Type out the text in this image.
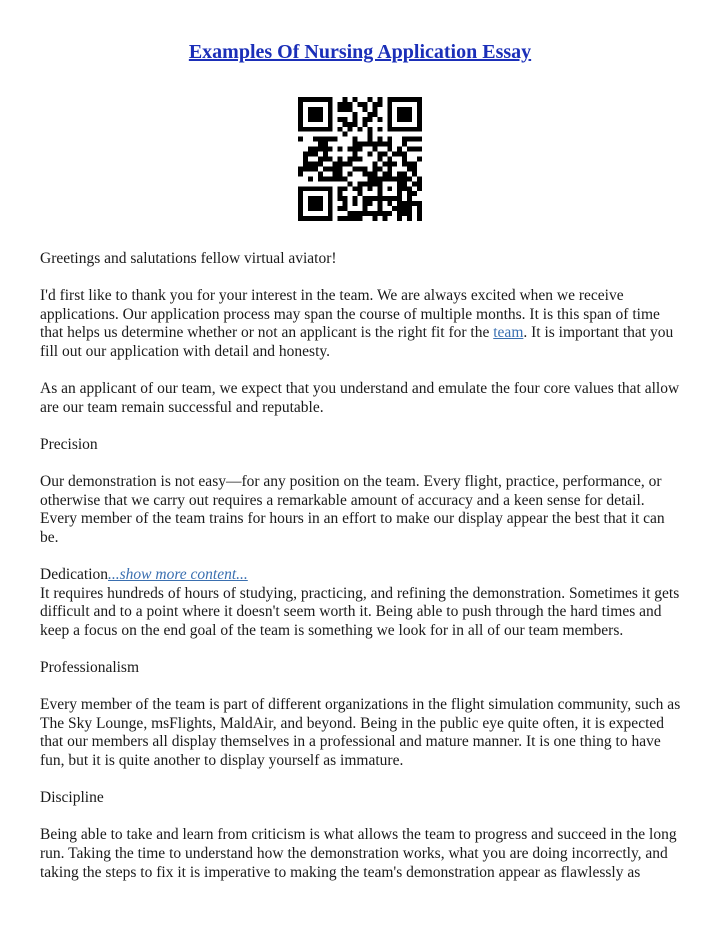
Examples Of Nursing Application Essay

Greetings and salutations fellow virtual aviator!

I'd first like to thank you for your interest in the team. We are always excited when we receive applications. Our application process may span the course of multiple months. It is this span of time that helps us determine whether or not an applicant is the right fit for the team. It is important that you fill out our application with detail and honesty.

As an applicant of our team, we expect that you understand and emulate the four core values that allow are our team remain successful and reputable.

Precision

Our demonstration is not easy—for any position on the team. Every flight, practice, performance, or otherwise that we carry out requires a remarkable amount of accuracy and a keen sense for detail. Every member of the team trains for hours in an effort to make our display appear the best that it can be.

Dedication...show more content...

It requires hundreds of hours of studying, practicing, and refining the demonstration. Sometimes it gets difficult and to a point where it doesn't seem worth it. Being able to push through the hard times and keep a focus on the end goal of the team is something we look for in all of our team members.

Professionalism

Every member of the team is part of different organizations in the flight simulation community, such as The Sky Lounge, msFlights, MaldAir, and beyond. Being in the public eye quite often, it is expected that our members all display themselves in a professional and mature manner. It is one thing to have fun, but it is quite another to display yourself as immature.

Discipline

Being able to take and learn from criticism is what allows the team to progress and succeed in the long run. Taking the time to understand how the demonstration works, what you are doing incorrectly, and taking the steps to fix it is imperative to making the team's demonstration appear as flawlessly as
